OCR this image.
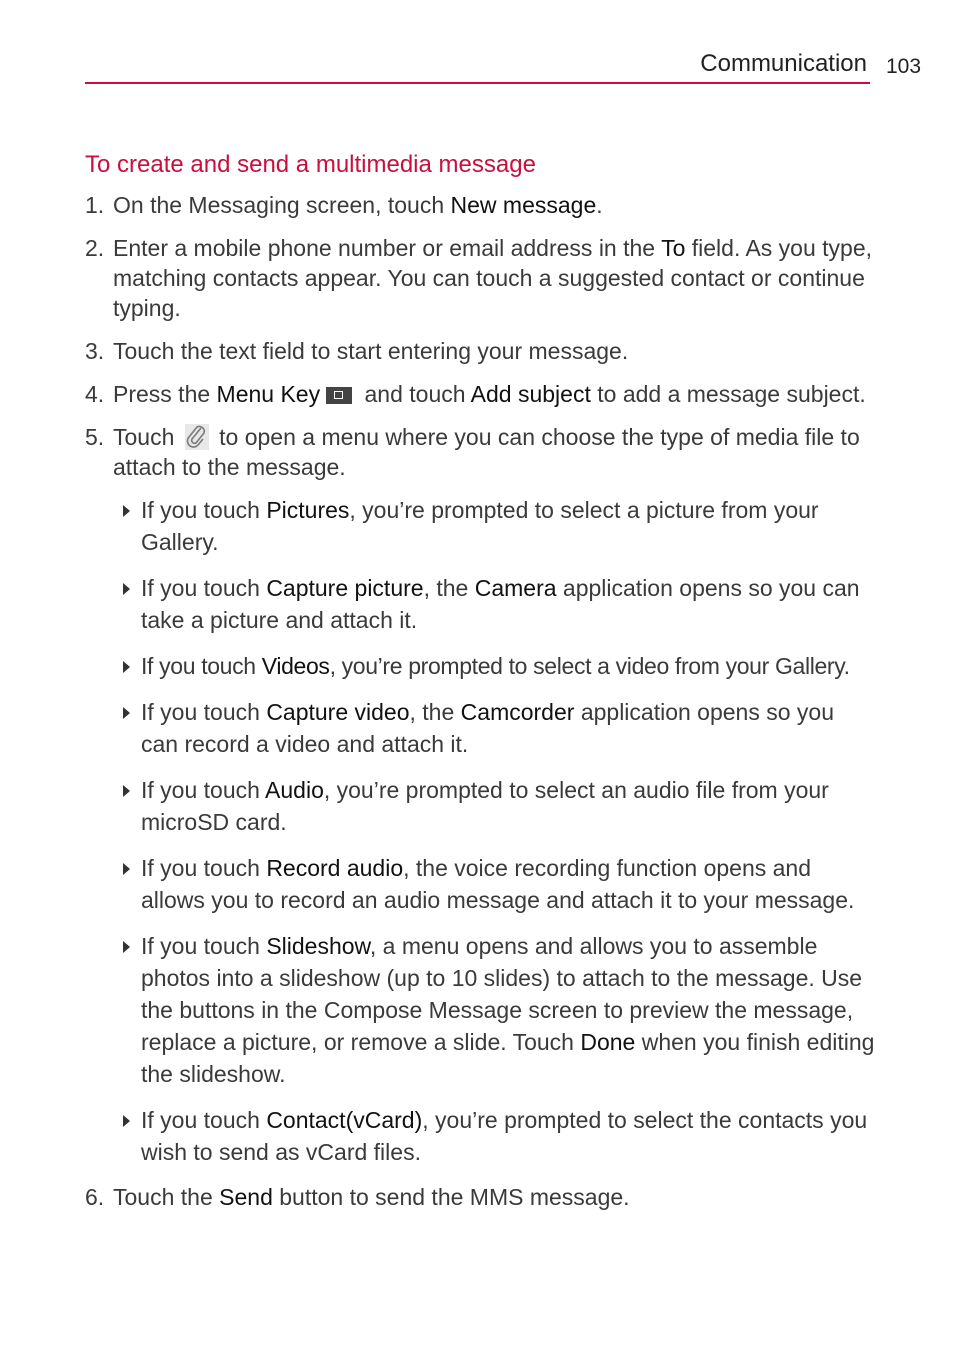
Communication 103
To create and send a multimedia message
1. On the Messaging screen, touch New message.
2. Enter a mobile phone number or email address in the To field. As you type, matching contacts appear. You can touch a suggested contact or continue typing.
3. Touch the text field to start entering your message.
4. Press the Menu Key and touch Add subject to add a message subject.
5. Touch  to open a menu where you can choose the type of media file to attach to the message.
If you touch Pictures, you’re prompted to select a picture from your Gallery.
If you touch Capture picture, the Camera application opens so you can take a picture and attach it.
If you touch Videos, you’re prompted to select a video from your Gallery.
If you touch Capture video, the Camcorder application opens so you can record a video and attach it.
If you touch Audio, you’re prompted to select an audio file from your microSD card.
If you touch Record audio, the voice recording function opens and allows you to record an audio message and attach it to your message.
If you touch Slideshow, a menu opens and allows you to assemble photos into a slideshow (up to 10 slides) to attach to the message. Use the buttons in the Compose Message screen to preview the message, replace a picture, or remove a slide. Touch Done when you finish editing the slideshow.
If you touch Contact(vCard), you’re prompted to select the contacts you wish to send as vCard files.
6. Touch the Send button to send the MMS message.
